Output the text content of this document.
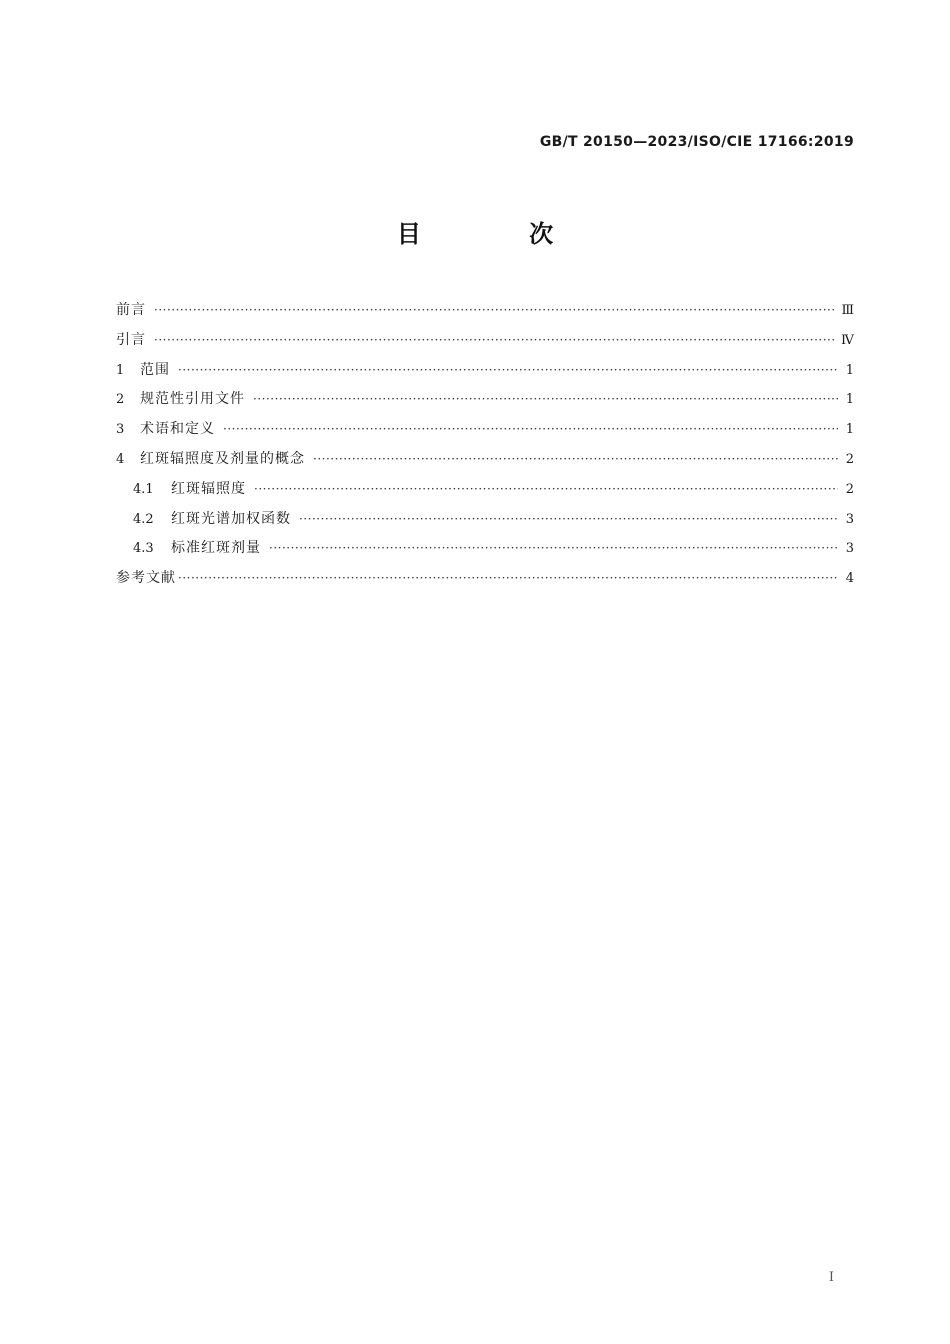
GB/T 20150—2023/ISO/CIE 17166:2019
目 次
前言 ·····	Ⅲ
引言 ·····	Ⅳ
1	范围 ·····	1
2	规范性引用文件 ·····	1
3	术语和定义 ·····	1
4	红斑辐照度及剂量的概念 ·····	2
4.1	红斑辐照度 ·····	2
4.2	红斑光谱加权函数 ·····	3
4.3	标准红斑剂量 ·····	3
参考文献 ·····	4
I
